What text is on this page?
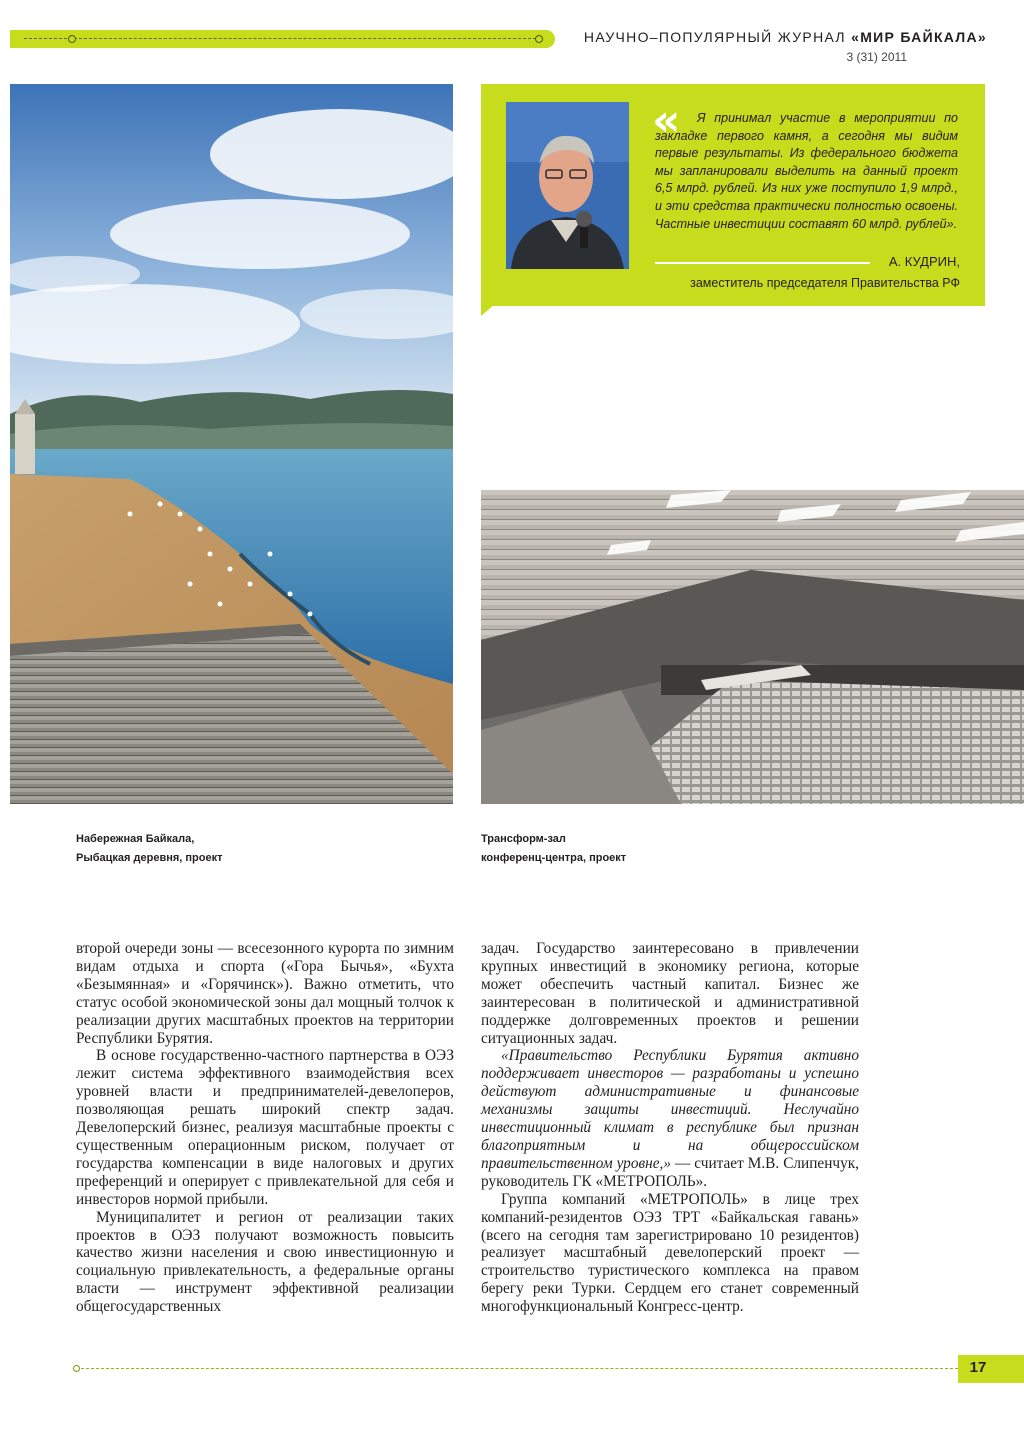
НАУЧНО–ПОПУЛЯРНЫЙ ЖУРНАЛ «МИР БАЙКАЛА»
3 (31) 2011
«	Я принимал участие в мероприятии по закладке первого камня, а сегодня мы видим первые результаты. Из федерального бюджета мы запланировали выделить на данный проект 6,5 млрд. рублей. Из них уже поступило 1,9 млрд., и эти средства практически полностью освоены. Частные инвестиции составят 60 млрд. рублей».
А. КУДРИН,
заместитель председателя Правительства РФ
Набережная Байкала,
Рыбацкая деревня, проект
Трансформ-зал
конференц-центра, проект

второй очереди зоны — всесезонного курорта по зимним видам отдыха и спорта («Гора Бычья», «Бухта «Безымянная» и «Горячинск»). Важно отметить, что статус особой экономической зоны дал мощный толчок к реализации других масштабных проектов на территории Республики Бурятия.

В основе государственно-частного партнерства в ОЭЗ лежит система эффективного взаимодействия всех уровней власти и предпринимателей-девелоперов, позволяющая решать широкий спектр задач. Девелоперский бизнес, реализуя масштабные проекты с существенным операционным риском, получает от государства компенсации в виде налоговых и других преференций и оперирует с привлекательной для себя и инвесторов нормой прибыли.

Муниципалитет и регион от реализации таких проектов в ОЭЗ получают возможность повысить качество жизни населения и свою инвестиционную и социальную привлекательность, а федеральные органы власти — инструмент эффективной реализации общегосударственных

задач. Государство заинтересовано в привлечении крупных инвестиций в экономику региона, которые может обеспечить частный капитал. Бизнес же заинтересован в политической и административной поддержке долговременных проектов и решении ситуационных задач.

«Правительство Республики Бурятия активно поддерживает инвесторов — разработаны и успешно действуют административные и финансовые механизмы защиты инвестиций. Неслучайно инвестиционный климат в республике был признан благоприятным и на общероссийском правительственном уровне,» — считает М.В. Слипенчук, руководитель ГК «МЕТРОПОЛЬ».

Группа компаний «МЕТРОПОЛЬ» в лице трех компаний-резидентов ОЭЗ ТРТ «Байкальская гавань» (всего на сегодня там зарегистрировано 10 резидентов) реализует масштабный девелоперский проект — строительство туристического комплекса на правом берегу реки Турки. Сердцем его станет современный многофункциональный Конгресс-центр.

17
